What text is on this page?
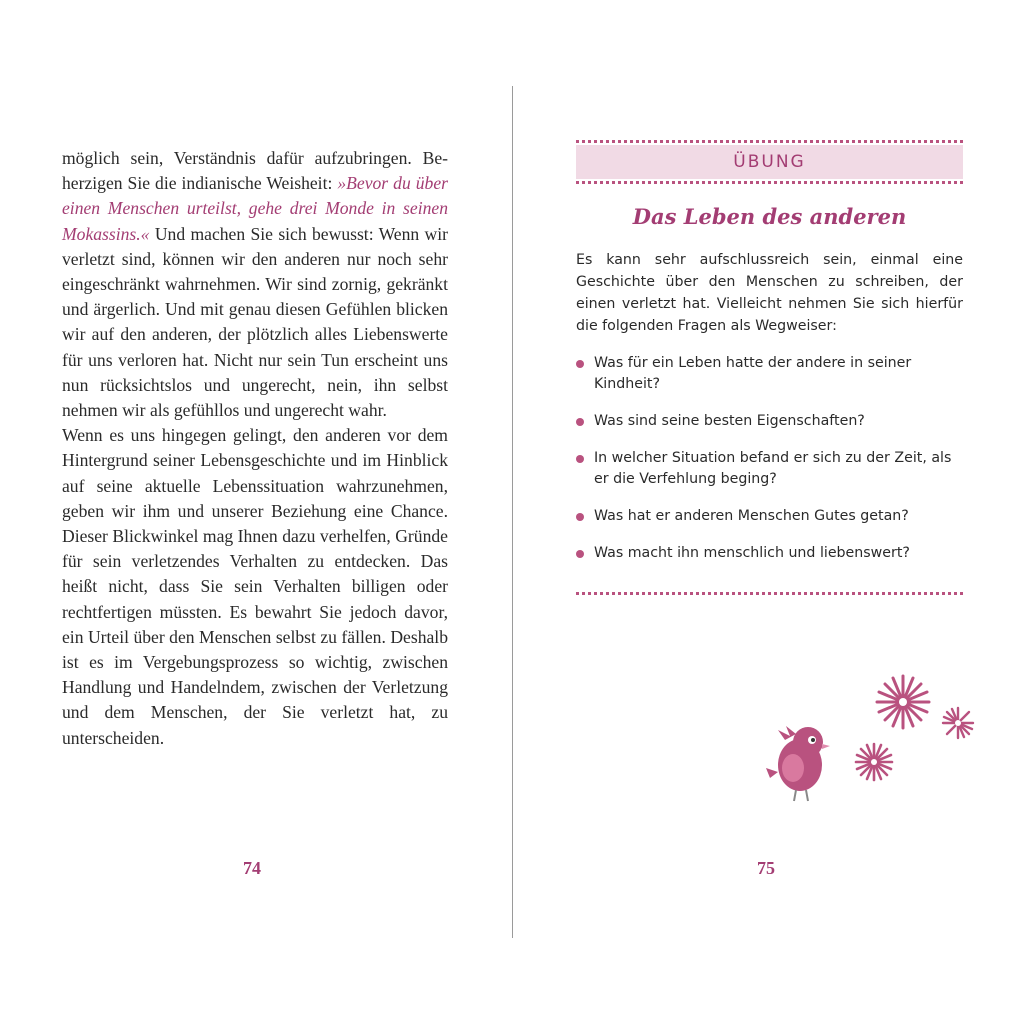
möglich sein, Verständnis dafür aufzubringen. Beherzigen Sie die indianische Weisheit: »Bevor du über einen Menschen urteilst, gehe drei Monde in seinen Mokassins.« Und machen Sie sich bewusst: Wenn wir verletzt sind, können wir den anderen nur noch sehr eingeschränkt wahrnehmen. Wir sind zornig, gekränkt und ärgerlich. Und mit genau diesen Gefühlen blicken wir auf den anderen, der plötzlich alles Liebenswerte für uns verloren hat. Nicht nur sein Tun erscheint uns nun rücksichtslos und ungerecht, nein, ihn selbst nehmen wir als gefühllos und ungerecht wahr.

Wenn es uns hingegen gelingt, den anderen vor dem Hintergrund seiner Lebensgeschichte und im Hinblick auf seine aktuelle Lebenssituation wahrzunehmen, geben wir ihm und unserer Beziehung eine Chance. Dieser Blickwinkel mag Ihnen dazu verhelfen, Gründe für sein verletzendes Verhalten zu entdecken. Das heißt nicht, dass Sie sein Verhalten billigen oder rechtfertigen müssten. Es bewahrt Sie jedoch davor, ein Urteil über den Menschen selbst zu fällen. Deshalb ist es im Vergebungsprozess so wichtig, zwischen Handlung und Handelndem, zwischen der Verletzung und dem Menschen, der Sie verletzt hat, zu unterscheiden.

74
ÜBUNG
Das Leben des anderen
Es kann sehr aufschlussreich sein, einmal eine Geschichte über den Menschen zu schreiben, der einen verletzt hat. Vielleicht nehmen Sie sich hierfür die folgenden Fragen als Wegweiser:
Was für ein Leben hatte der andere in seiner Kindheit?
Was sind seine besten Eigenschaften?
In welcher Situation befand er sich zu der Zeit, als er die Verfehlung beging?
Was hat er anderen Menschen Gutes getan?
Was macht ihn menschlich und liebenswert?
75
